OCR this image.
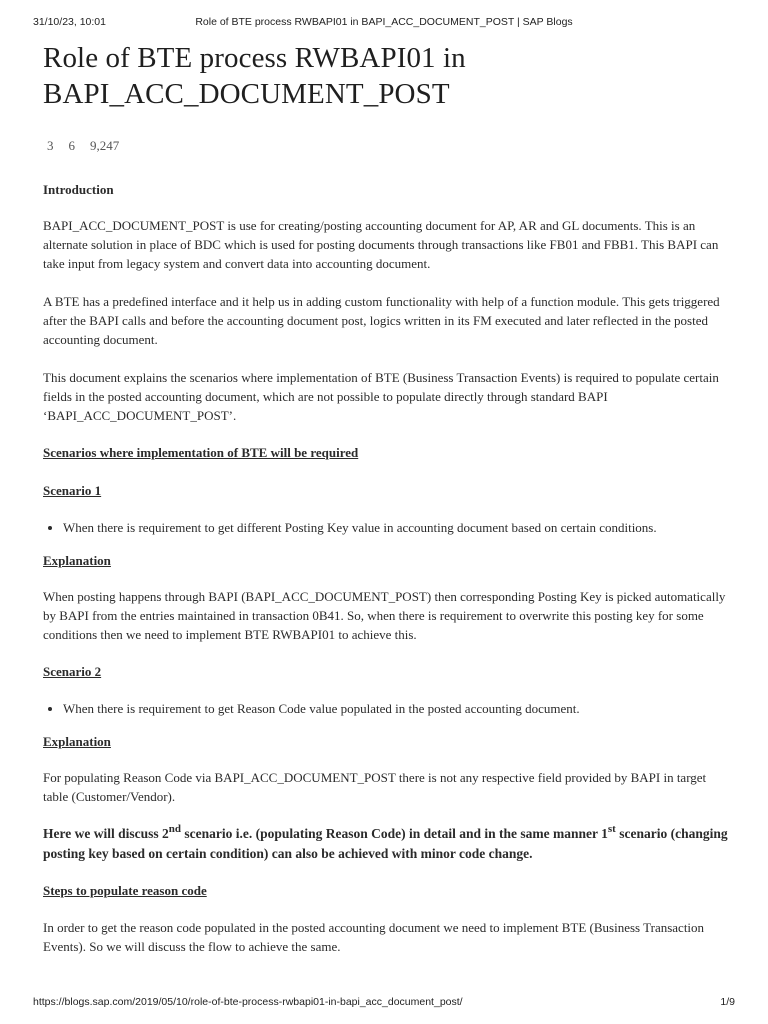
31/10/23, 10:01	Role of BTE process RWBAPI01 in BAPI_ACC_DOCUMENT_POST | SAP Blogs
Role of BTE process RWBAPI01 in
BAPI_ACC_DOCUMENT_POST
3 6 9,247
Introduction

BAPI_ACC_DOCUMENT_POST is use for creating/posting accounting document for AP, AR and GL documents. This is an alternate solution in place of BDC which is used for posting documents through transactions like FB01 and FBB1. This BAPI can take input from legacy system and convert data into accounting document.

A BTE has a predefined interface and it help us in adding custom functionality with help of a function module. This gets triggered after the BAPI calls and before the accounting document post, logics written in its FM executed and later reflected in the posted accounting document.

This document explains the scenarios where implementation of BTE (Business Transaction Events) is required to populate certain fields in the posted accounting document, which are not possible to populate directly through standard BAPI ‘BAPI_ACC_DOCUMENT_POST’.

Scenarios where implementation of BTE will be required
Scenario 1
• When there is requirement to get different Posting Key value in accounting document based on certain conditions.
Explanation

When posting happens through BAPI (BAPI_ACC_DOCUMENT_POST) then corresponding Posting Key is picked automatically by BAPI from the entries maintained in transaction 0B41. So, when there is requirement to overwrite this posting key for some conditions then we need to implement BTE RWBAPI01 to achieve this.

Scenario 2
• When there is requirement to get Reason Code value populated in the posted accounting document.
Explanation

For populating Reason Code via BAPI_ACC_DOCUMENT_POST there is not any respective field provided by BAPI in target table (Customer/Vendor).

Here we will discuss 2nd scenario i.e. (populating Reason Code) in detail and in the same manner 1st scenario (changing posting key based on certain condition) can also be achieved with minor code change.

Steps to populate reason code

In order to get the reason code populated in the posted accounting document we need to implement BTE (Business Transaction Events). So we will discuss the flow to achieve the same.

https://blogs.sap.com/2019/05/10/role-of-bte-process-rwbapi01-in-bapi_acc_document_post/	1/9
